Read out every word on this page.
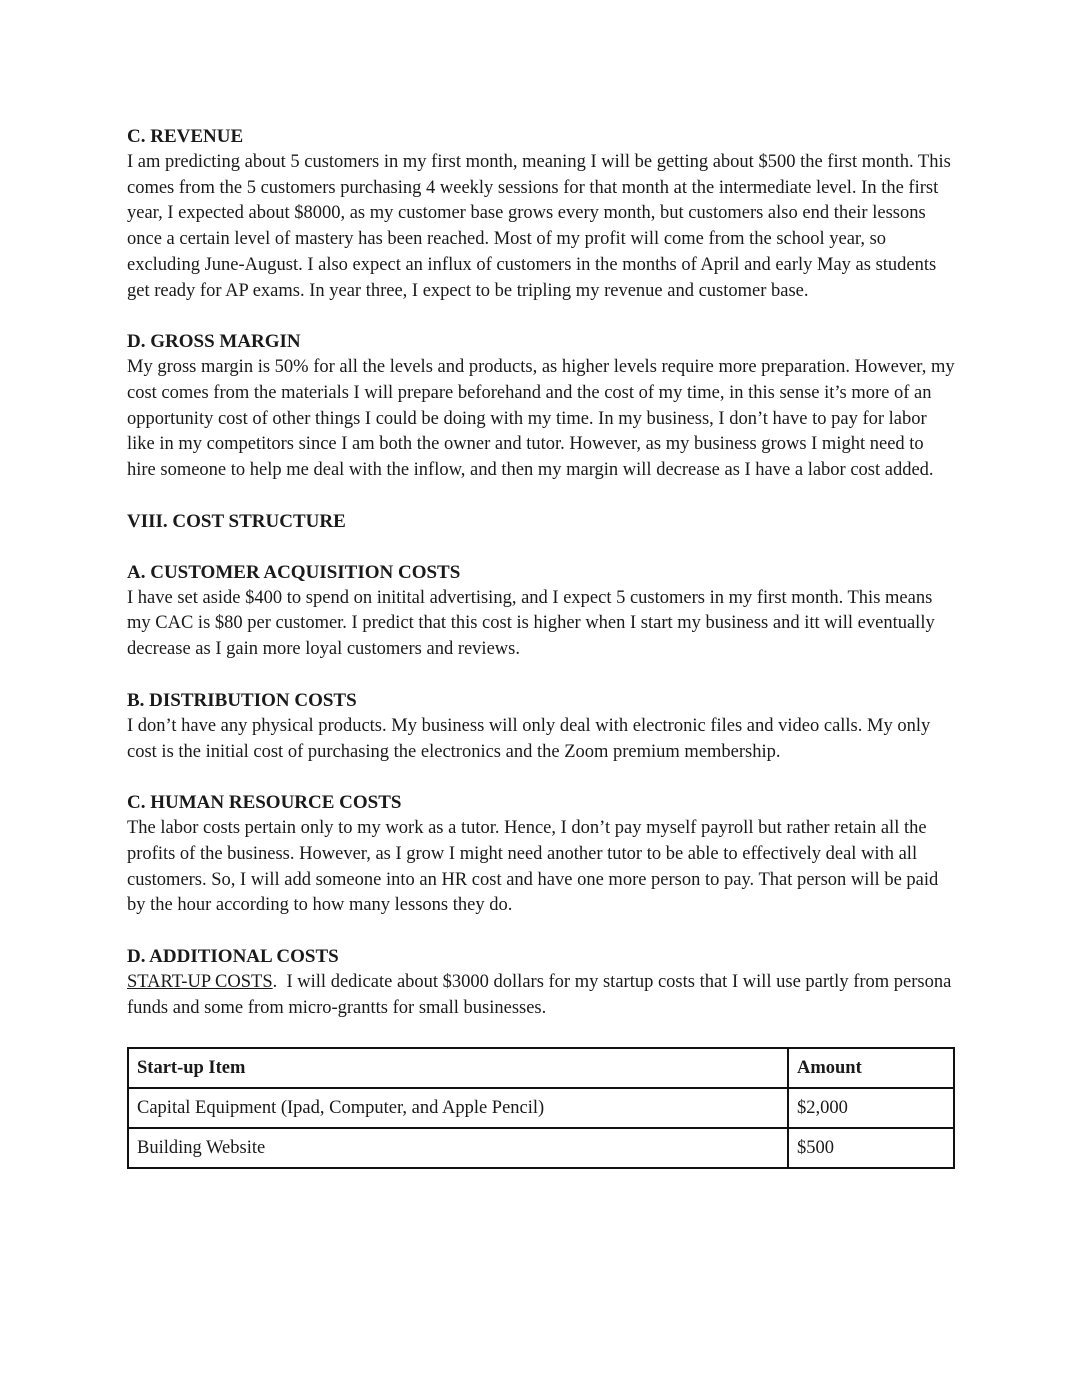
C. REVENUE

I am predicting about 5 customers in my first month, meaning I will be getting about $500 the first month. This comes from the 5 customers purchasing 4 weekly sessions for that month at the intermediate level. In the first year, I expected about $8000, as my customer base grows every month, but customers also end their lessons once a certain level of mastery has been reached. Most of my profit will come from the school year, so excluding June-August. I also expect an influx of customers in the months of April and early May as students get ready for AP exams. In year three, I expect to be tripling my revenue and customer base.

D. GROSS MARGIN

My gross margin is 50% for all the levels and products, as higher levels require more preparation. However, my cost comes from the materials I will prepare beforehand and the cost of my time, in this sense it’s more of an opportunity cost of other things I could be doing with my time. In my business, I don’t have to pay for labor like in my competitors since I am both the owner and tutor. However, as my business grows I might need to hire someone to help me deal with the inflow, and then my margin will decrease as I have a labor cost added.

VIII. COST STRUCTURE
A. CUSTOMER ACQUISITION COSTS

I have set aside $400 to spend on initital advertising, and I expect 5 customers in my first month. This means my CAC is $80 per customer. I predict that this cost is higher when I start my business and itt will eventually decrease as I gain more loyal customers and reviews.

B. DISTRIBUTION COSTS

I don’t have any physical products. My business will only deal with electronic files and video calls. My only cost is the initial cost of purchasing the electronics and the Zoom premium membership.

C. HUMAN RESOURCE COSTS

The labor costs pertain only to my work as a tutor. Hence, I don’t pay myself payroll but rather retain all the profits of the business. However, as I grow I might need another tutor to be able to effectively deal with all customers. So, I will add someone into an HR cost and have one more person to pay. That person will be paid by the hour according to how many lessons they do.

D. ADDITIONAL COSTS

START-UP COSTS.  I will dedicate about $3000 dollars for my startup costs that I will use partly from persona funds and some from micro-grantts for small businesses.

Start-up Item	Amount
Capital Equipment (Ipad, Computer, and Apple Pencil)	$2,000
Building Website	$500
